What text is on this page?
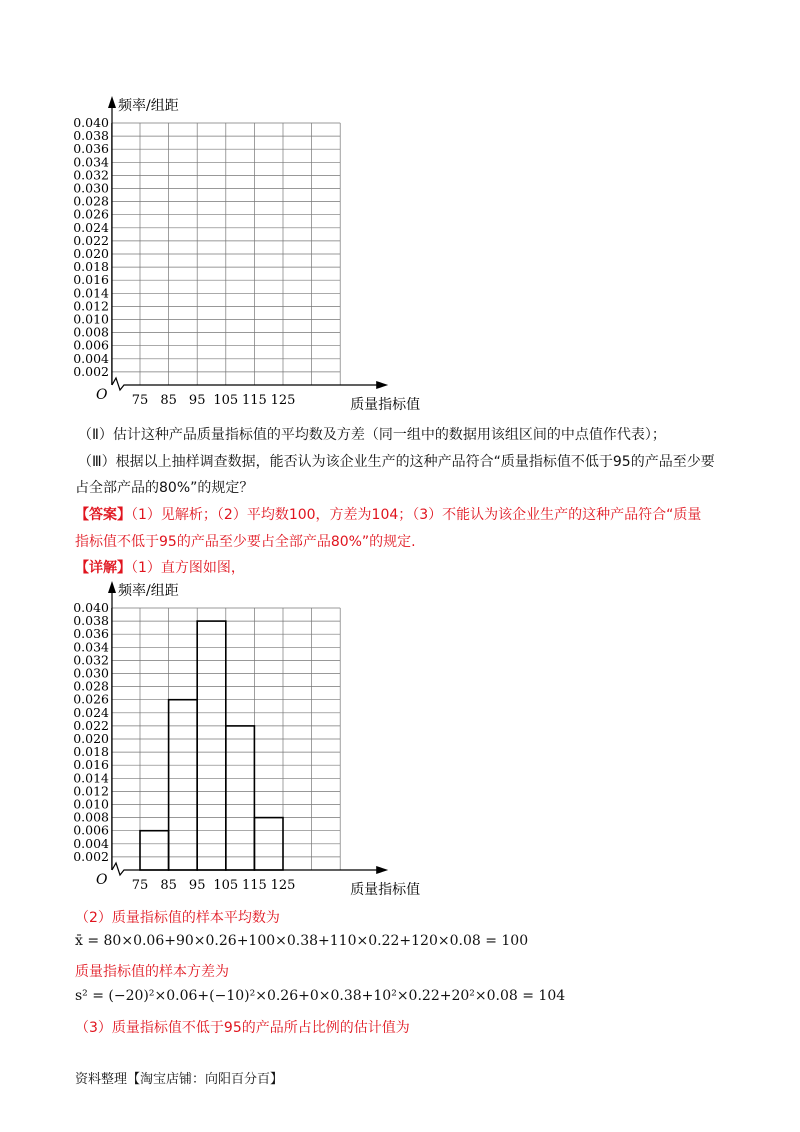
0.002
0.004
0.006
0.008
0.010
0.012
0.014
0.016
0.018
0.020
0.022
0.024
0.026
0.028
0.030
0.032
0.034
0.036
0.038
0.040
75 85 95 105 115 125
O
频率/组距
质量指标值
（Ⅱ）估计这种产品质量指标值的平均数及方差（同一组中的数据用该组区间的中点值作代表）；
（Ⅲ）根据以上抽样调查数据，能否认为该企业生产的这种产品符合“质量指标值不低于95的产品至少要
占全部产品的80%”的规定？
【答案】（1）见解析；（2）平均数100，方差为104；（3）不能认为该企业生产的这种产品符合“质量
指标值不低于95的产品至少要占全部产品80%”的规定.
【详解】（1）直方图如图，
0.002
0.004
0.006
0.008
0.010
0.012
0.014
0.016
0.018
0.020
0.022
0.024
0.026
0.028
0.030
0.032
0.034
0.036
0.038
0.040
75 85 95 105 115 125
O
频率/组距
质量指标值
（2）质量指标值的样本平均数为
x̄ = 80×0.06+90×0.26+100×0.38+110×0.22+120×0.08 = 100
质量指标值的样本方差为
s² = (−20)²×0.06+(−10)²×0.26+0×0.38+10²×0.22+20²×0.08 = 104
（3）质量指标值不低于95的产品所占比例的估计值为
资料整理【淘宝店铺：向阳百分百】
